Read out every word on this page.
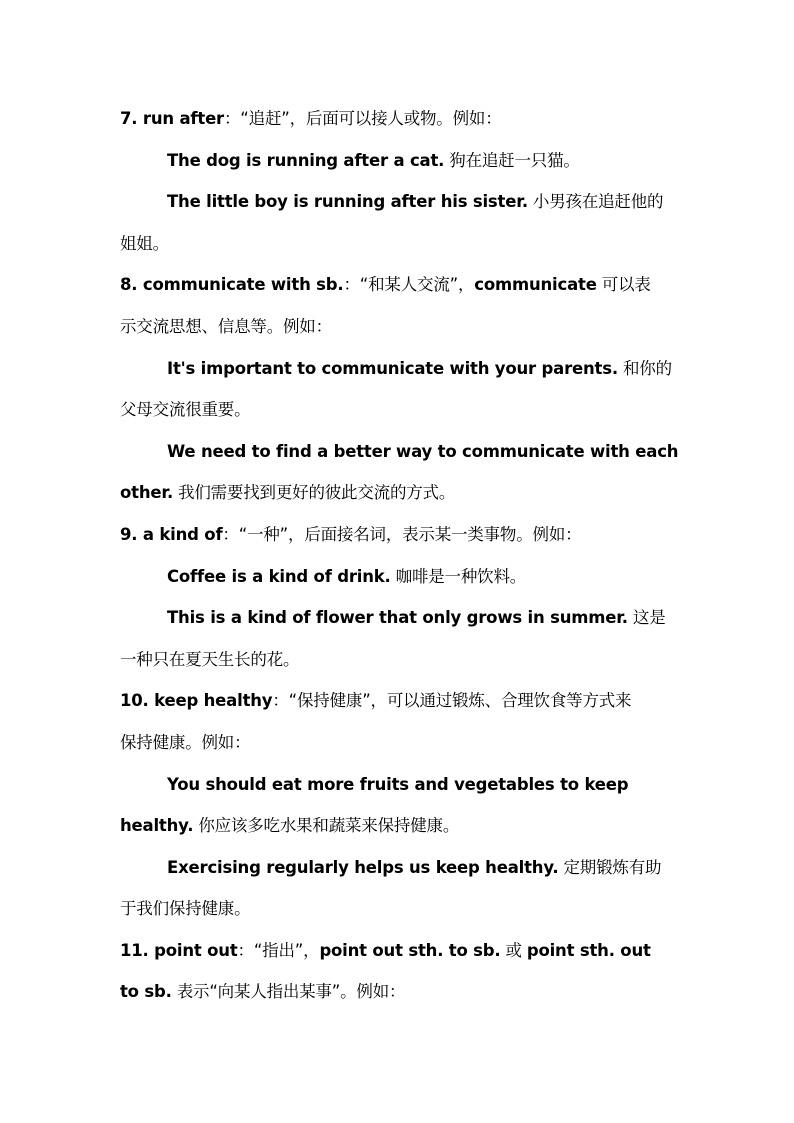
7. run after：“追赶”，后面可以接人或物。例如：
The dog is running after a cat. 狗在追赶一只猫。
The little boy is running after his sister. 小男孩在追赶他的
姐姐。
8. communicate with sb.：“和某人交流”，communicate 可以表
示交流思想、信息等。例如：
It's important to communicate with your parents. 和你的
父母交流很重要。
We need to find a better way to communicate with each
other. 我们需要找到更好的彼此交流的方式。
9. a kind of：“一种”，后面接名词，表示某一类事物。例如：
Coffee is a kind of drink. 咖啡是一种饮料。
This is a kind of flower that only grows in summer. 这是
一种只在夏天生长的花。
10. keep healthy：“保持健康”，可以通过锻炼、合理饮食等方式来
保持健康。例如：
You should eat more fruits and vegetables to keep
healthy. 你应该多吃水果和蔬菜来保持健康。
Exercising regularly helps us keep healthy. 定期锻炼有助
于我们保持健康。
11. point out：“指出”，point out sth. to sb. 或 point sth. out
to sb. 表示“向某人指出某事”。例如：
